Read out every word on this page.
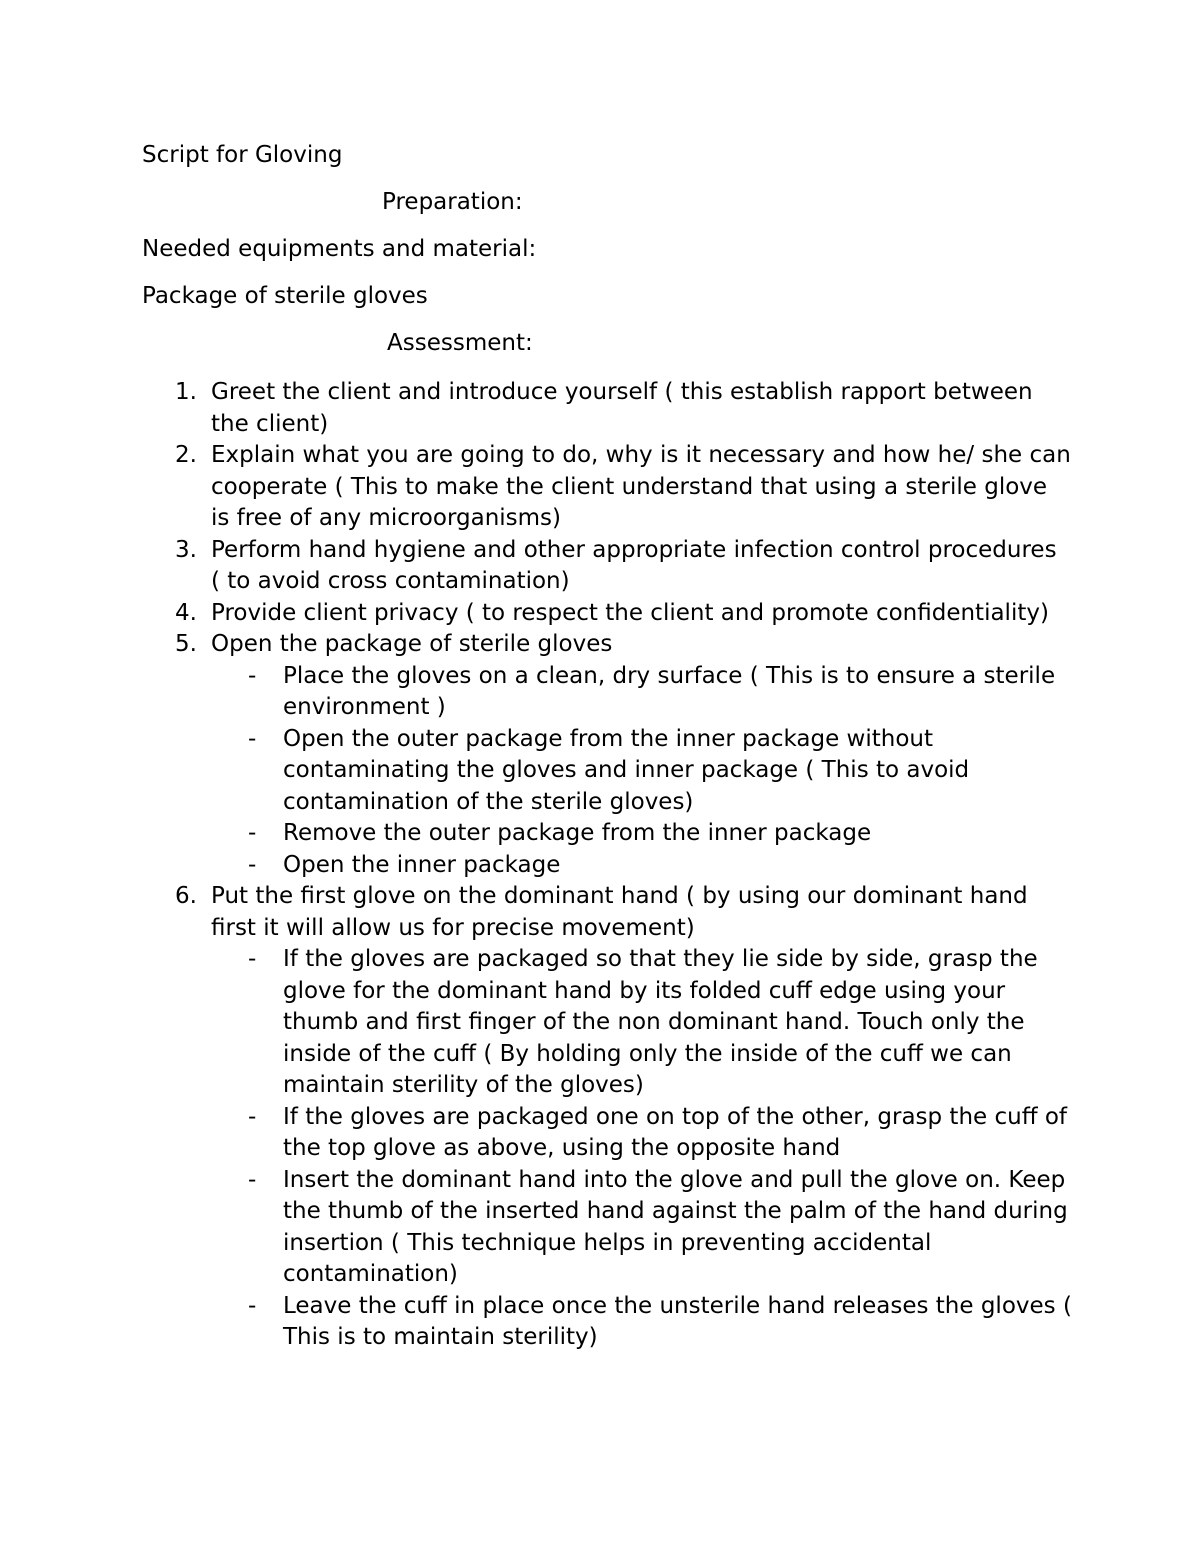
Script for Gloving
Preparation:
Needed equipments and material:
Package of sterile gloves
Assessment:
1. Greet the client and introduce yourself ( this establish rapport between the client)
2. Explain what you are going to do, why is it necessary and how he/ she can cooperate ( This to make the client understand that using a sterile glove is free of any microorganisms)
3. Perform hand hygiene and other appropriate infection control procedures ( to avoid cross contamination)
4. Provide client privacy ( to respect the client and promote confidentiality)
5. Open the package of sterile gloves
- Place the gloves on a clean, dry surface ( This is to ensure a sterile environment )
- Open the outer package from the inner package without contaminating the gloves and inner package ( This to avoid contamination of the sterile gloves)
- Remove the outer package from the inner package
- Open the inner package
6. Put the first glove on the dominant hand ( by using our dominant hand first it will allow us for precise movement)
- If the gloves are packaged so that they lie side by side, grasp the glove for the dominant hand by its folded cuff edge using your thumb and first finger of the non dominant hand. Touch only the inside of the cuff ( By holding only the inside of the cuff we can maintain sterility of the gloves)
- If the gloves are packaged one on top of the other, grasp the cuff of the top glove as above, using the opposite hand
- Insert the dominant hand into the glove and pull the glove on. Keep the thumb of the inserted hand against the palm of the hand during insertion ( This technique helps in preventing accidental contamination)
- Leave the cuff in place once the unsterile hand releases the gloves ( This is to maintain sterility)
